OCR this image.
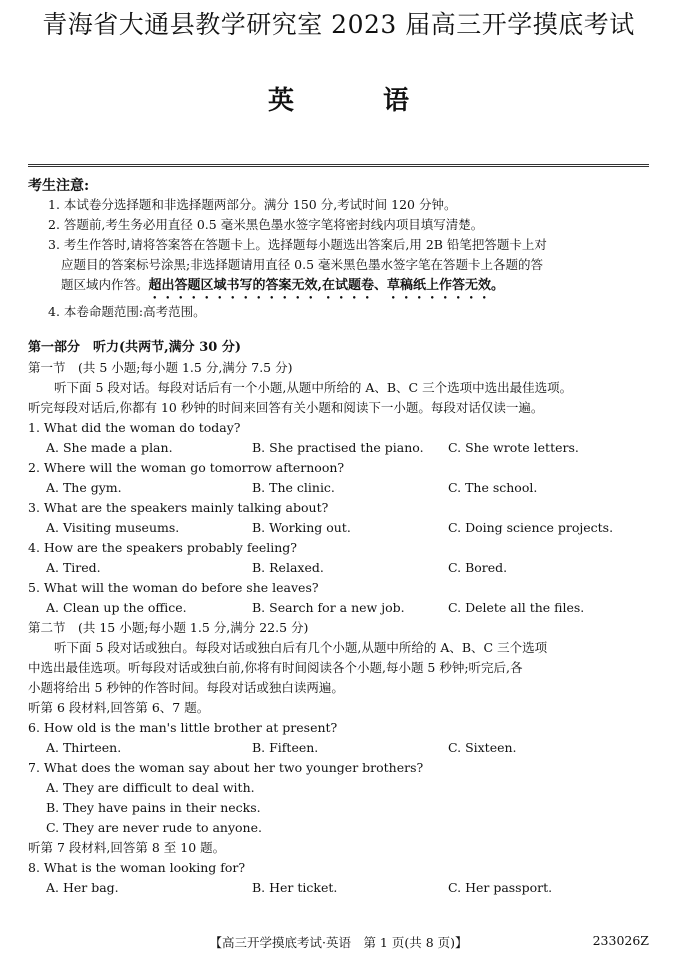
青海省大通县教学研究室 2023 届高三开学摸底考试
英 语
考生注意:
1. 本试卷分选择题和非选择题两部分。满分 150 分,考试时间 120 分钟。
2. 答题前,考生务必用直径 0.5 毫米黑色墨水签字笔将密封线内项目填写清楚。
3. 考生作答时,请将答案答在答题卡上。选择题每小题选出答案后,用 2B 铅笔把答题卡上对
应题目的答案标号涂黑;非选择题请用直径 0.5 毫米黑色墨水签字笔在答题卡上各题的答
题区域内作答。超出答题区域书写的答案无效,在试题卷、草稿纸上作答无效。
4. 本卷命题范围:高考范围。
第一部分　听力(共两节,满分 30 分)
第一节　(共 5 小题;每小题 1.5 分,满分 7.5 分)
听下面 5 段对话。每段对话后有一个小题,从题中所给的 A、B、C 三个选项中选出最佳选项。
听完每段对话后,你都有 10 秒钟的时间来回答有关小题和阅读下一小题。每段对话仅读一遍。
1. What did the woman do today?
A. She made a plan.	B. She practised the piano.	C. She wrote letters.
2. Where will the woman go tomorrow afternoon?
A. The gym.	B. The clinic.	C. The school.
3. What are the speakers mainly talking about?
A. Visiting museums.	B. Working out.	C. Doing science projects.
4. How are the speakers probably feeling?
A. Tired.	B. Relaxed.	C. Bored.
5. What will the woman do before she leaves?
A. Clean up the office.	B. Search for a new job.	C. Delete all the files.
第二节　(共 15 小题;每小题 1.5 分,满分 22.5 分)
听下面 5 段对话或独白。每段对话或独白后有几个小题,从题中所给的 A、B、C 三个选项
中选出最佳选项。听每段对话或独白前,你将有时间阅读各个小题,每小题 5 秒钟;听完后,各
小题将给出 5 秒钟的作答时间。每段对话或独白读两遍。
听第 6 段材料,回答第 6、7 题。
6. How old is the man's little brother at present?
A. Thirteen.	B. Fifteen.	C. Sixteen.
7. What does the woman say about her two younger brothers?
A. They are difficult to deal with.
B. They have pains in their necks.
C. They are never rude to anyone.
听第 7 段材料,回答第 8 至 10 题。
8. What is the woman looking for?
A. Her bag.	B. Her ticket.	C. Her passport.
【高三开学摸底考试·英语　第 1 页(共 8 页)】	233026Z
